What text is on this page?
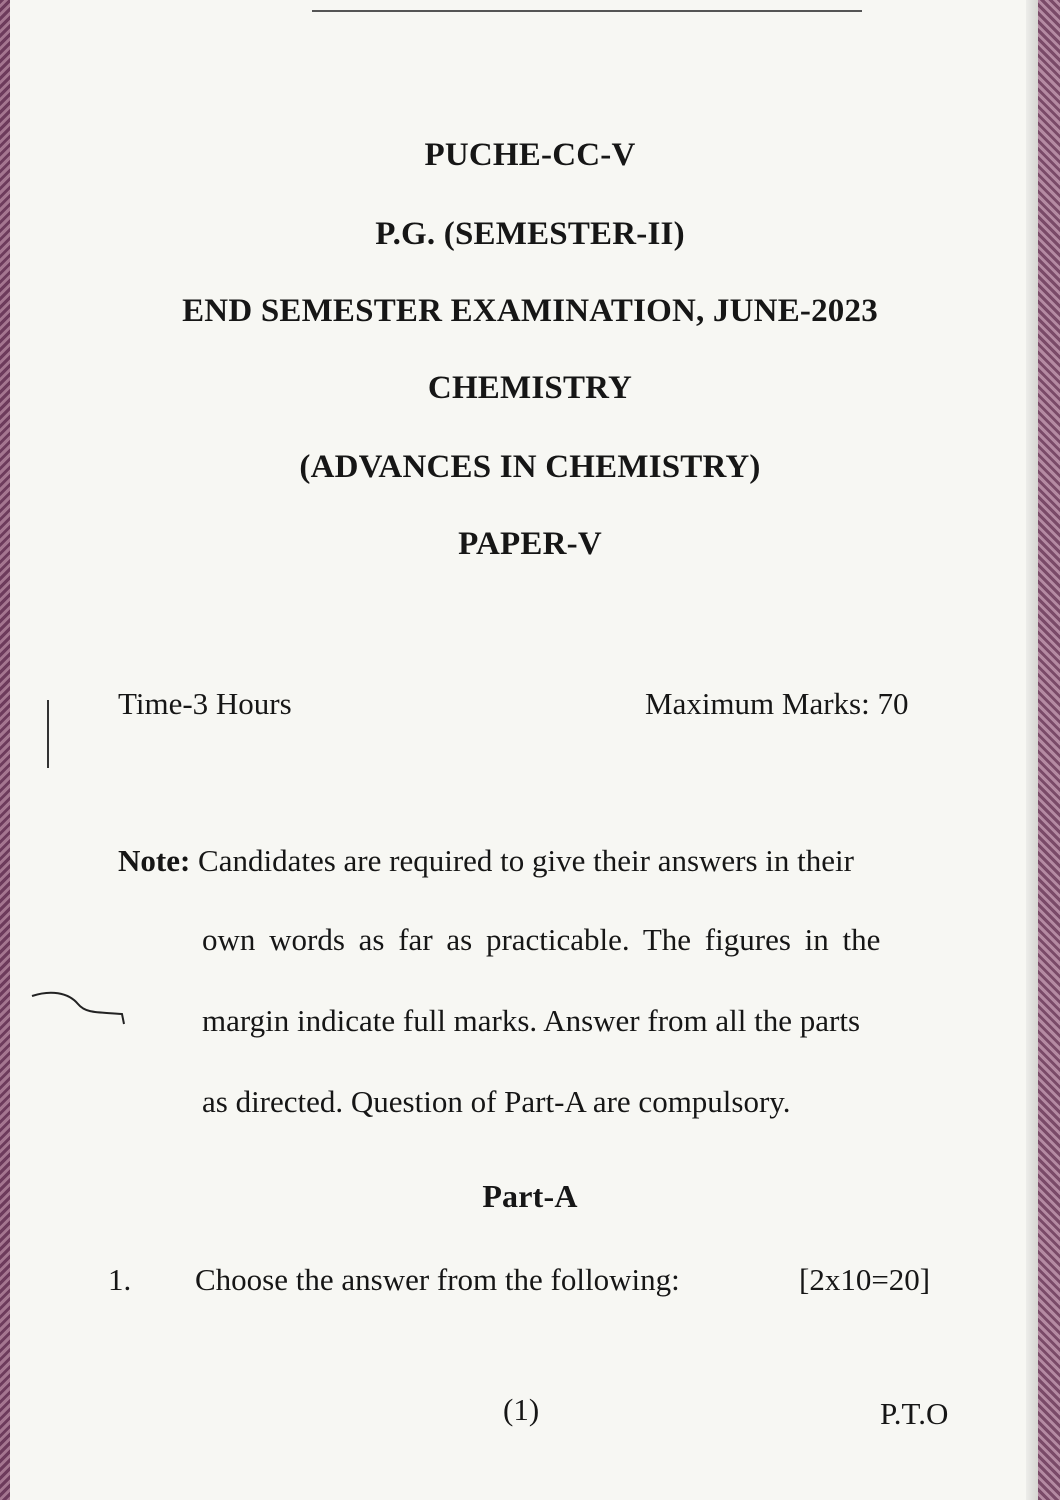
PUCHE-CC-V
P.G. (SEMESTER-II)
END SEMESTER EXAMINATION, JUNE-2023
CHEMISTRY
(ADVANCES IN CHEMISTRY)
PAPER-V
Time-3 Hours	Maximum Marks: 70
Note: Candidates are required to give their answers in their
own words as far as practicable. The figures in the
margin indicate full marks. Answer from all the parts
as directed. Question of Part-A are compulsory.
Part-A
1. Choose the answer from the following:	[2x10=20]
(1)	P.T.O
